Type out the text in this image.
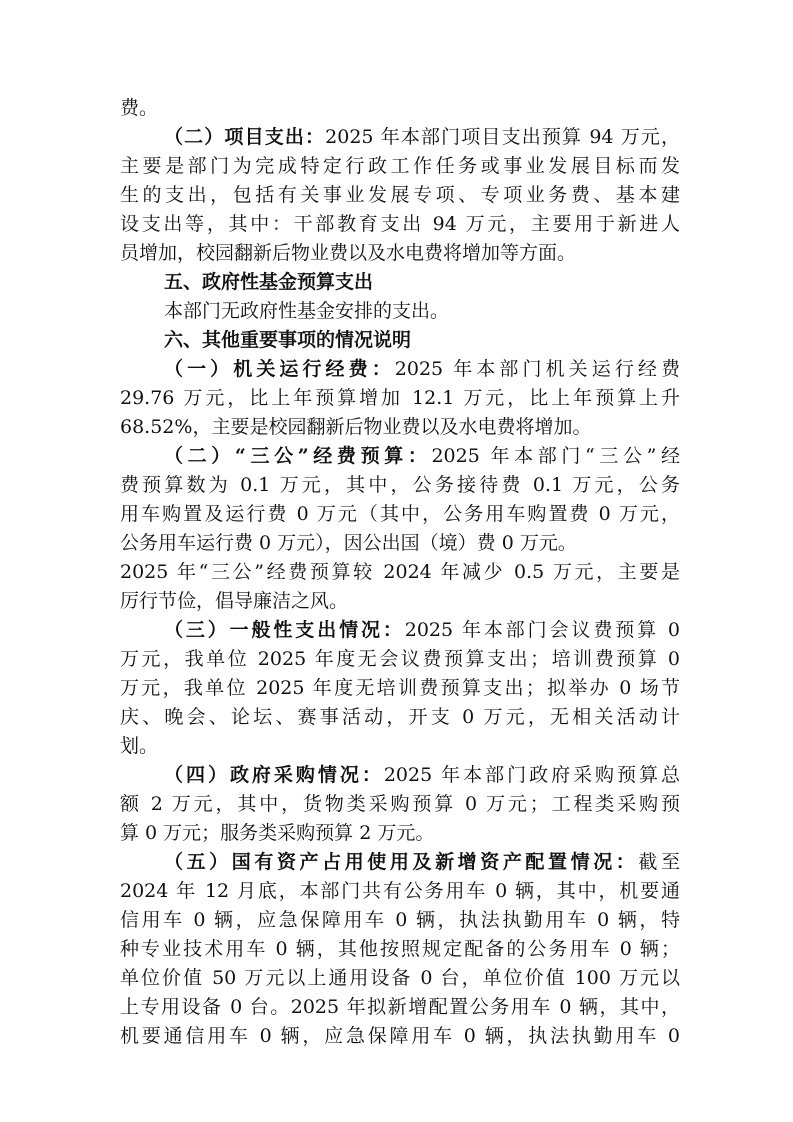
费。
（二）项目支出：2025 年本部门项目支出预算 94 万元，
主要是部门为完成特定行政工作任务或事业发展目标而发
生的支出，包括有关事业发展专项、专项业务费、基本建
设支出等，其中：干部教育支出 94 万元，主要用于新进人
员增加，校园翻新后物业费以及水电费将增加等方面。
五、政府性基金预算支出
本部门无政府性基金安排的支出。
六、其他重要事项的情况说明
（一）机关运行经费：2025 年本部门机关运行经费
29.76 万元，比上年预算增加 12.1 万元，比上年预算上升
68.52%，主要是校园翻新后物业费以及水电费将增加。
（二）“三公”经费预算：2025 年本部门“三公”经
费预算数为 0.1 万元，其中，公务接待费 0.1 万元，公务
用车购置及运行费 0 万元（其中，公务用车购置费 0 万元，
公务用车运行费 0 万元），因公出国（境）费 0 万元。
2025 年“三公”经费预算较 2024 年减少 0.5 万元，主要是
厉行节俭，倡导廉洁之风。
（三）一般性支出情况：2025 年本部门会议费预算 0
万元，我单位 2025 年度无会议费预算支出；培训费预算 0
万元，我单位 2025 年度无培训费预算支出；拟举办 0 场节
庆、晚会、论坛、赛事活动，开支 0 万元，无相关活动计
划。
（四）政府采购情况：2025 年本部门政府采购预算总
额 2 万元，其中，货物类采购预算 0 万元；工程类采购预
算 0 万元；服务类采购预算 2 万元。
（五）国有资产占用使用及新增资产配置情况：截至
2024 年 12 月底，本部门共有公务用车 0 辆，其中，机要通
信用车 0 辆，应急保障用车 0 辆，执法执勤用车 0 辆，特
种专业技术用车 0 辆，其他按照规定配备的公务用车 0 辆；
单位价值 50 万元以上通用设备 0 台，单位价值 100 万元以
上专用设备 0 台。2025 年拟新增配置公务用车 0 辆，其中，
机要通信用车 0 辆，应急保障用车 0 辆，执法执勤用车 0
